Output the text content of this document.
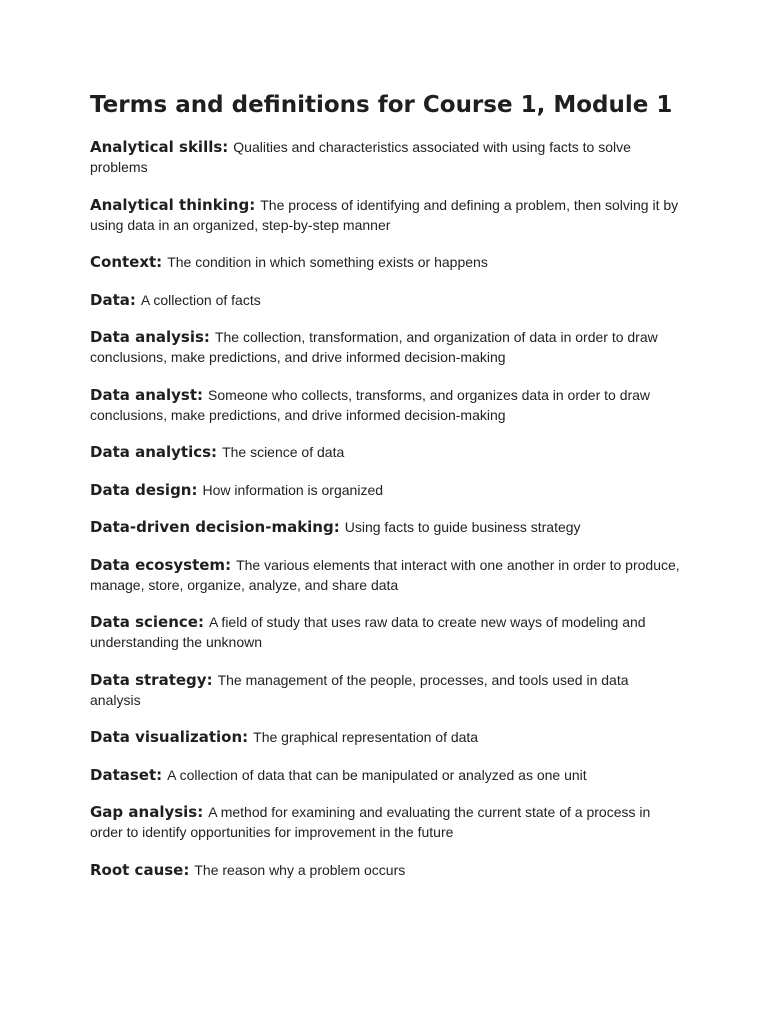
Terms and definitions for Course 1, Module 1
Analytical skills: Qualities and characteristics associated with using facts to solve problems
Analytical thinking: The process of identifying and defining a problem, then solving it by using data in an organized, step-by-step manner
Context: The condition in which something exists or happens
Data: A collection of facts
Data analysis: The collection, transformation, and organization of data in order to draw conclusions, make predictions, and drive informed decision-making
Data analyst: Someone who collects, transforms, and organizes data in order to draw conclusions, make predictions, and drive informed decision-making
Data analytics: The science of data
Data design: How information is organized
Data-driven decision-making: Using facts to guide business strategy
Data ecosystem: The various elements that interact with one another in order to produce, manage, store, organize, analyze, and share data
Data science: A field of study that uses raw data to create new ways of modeling and understanding the unknown
Data strategy: The management of the people, processes, and tools used in data analysis
Data visualization: The graphical representation of data
Dataset: A collection of data that can be manipulated or analyzed as one unit
Gap analysis: A method for examining and evaluating the current state of a process in order to identify opportunities for improvement in the future
Root cause: The reason why a problem occurs
